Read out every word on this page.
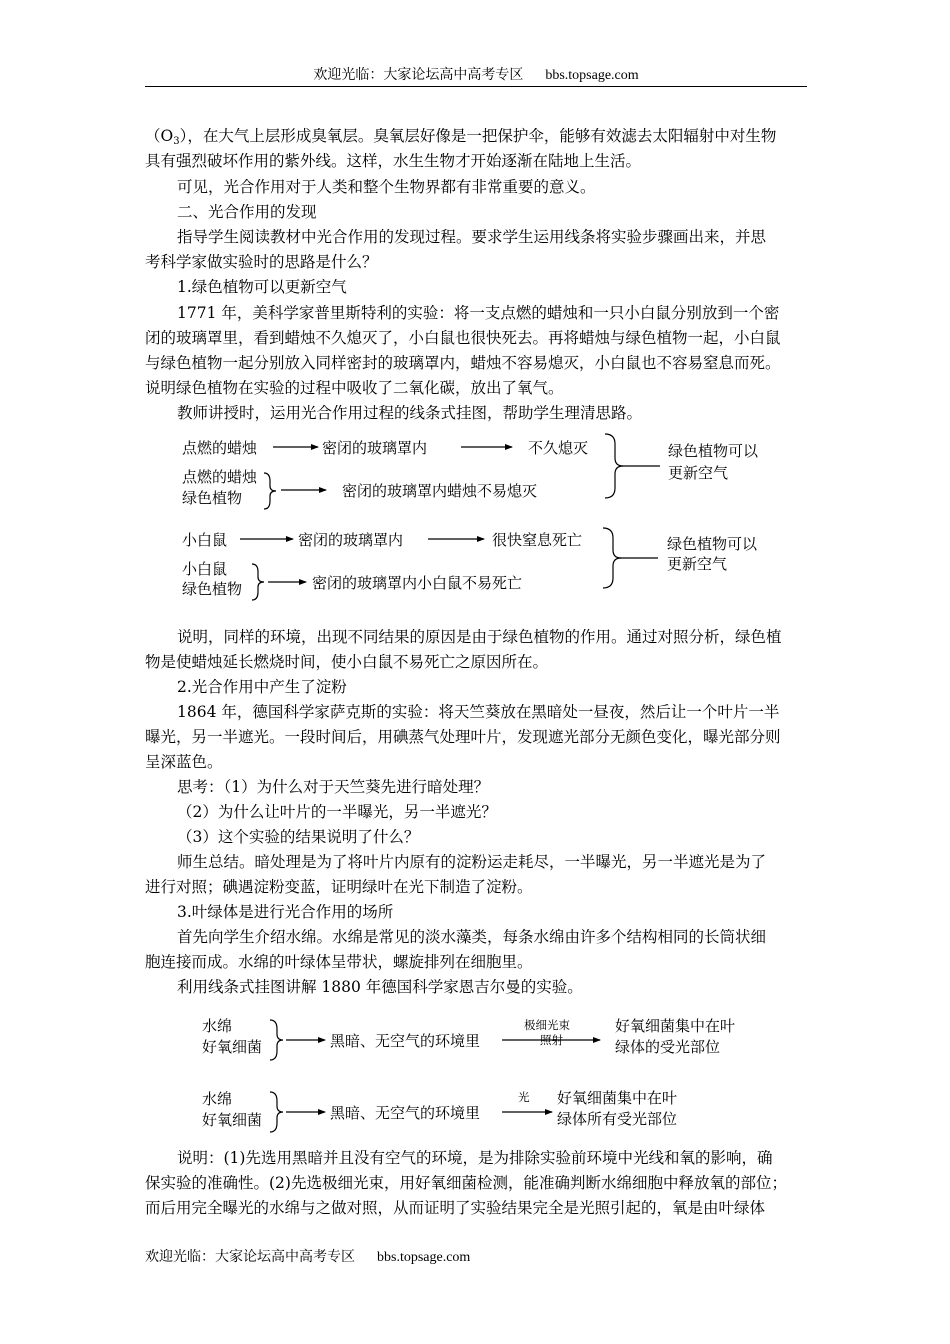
欢迎光临：大家论坛高中高考专区 bbs.topsage.com
（O3），在大气上层形成臭氧层。臭氧层好像是一把保护伞，能够有效滤去太阳辐射中对生物
具有强烈破坏作用的紫外线。这样，水生生物才开始逐渐在陆地上生活。
可见，光合作用对于人类和整个生物界都有非常重要的意义。
二、光合作用的发现
指导学生阅读教材中光合作用的发现过程。要求学生运用线条将实验步骤画出来，并思
考科学家做实验时的思路是什么？
1.绿色植物可以更新空气
1771 年，美科学家普里斯特利的实验：将一支点燃的蜡烛和一只小白鼠分别放到一个密
闭的玻璃罩里，看到蜡烛不久熄灭了，小白鼠也很快死去。再将蜡烛与绿色植物一起，小白鼠
与绿色植物一起分别放入同样密封的玻璃罩内，蜡烛不容易熄灭，小白鼠也不容易窒息而死。
说明绿色植物在实验的过程中吸收了二氧化碳，放出了氧气。
教师讲授时，运用光合作用过程的线条式挂图，帮助学生理清思路。
点燃的蜡烛	密闭的玻璃罩内	不久熄灭
点燃的蜡烛
绿色植物	密闭的玻璃罩内蜡烛不易熄灭
绿色植物可以
更新空气
小白鼠	密闭的玻璃罩内	很快窒息死亡
小白鼠
绿色植物	密闭的玻璃罩内小白鼠不易死亡
绿色植物可以
更新空气
水绵
好氧细菌	黑暗、无空气的环境里
极细光束
照射
好氧细菌集中在叶
绿体的受光部位
水绵
好氧细菌	黑暗、无空气的环境里
光 好氧细菌集中在叶
绿体所有受光部位
说明，同样的环境，出现不同结果的原因是由于绿色植物的作用。通过对照分析，绿色植
物是使蜡烛延长燃烧时间，使小白鼠不易死亡之原因所在。
2.光合作用中产生了淀粉
1864 年，德国科学家萨克斯的实验：将天竺葵放在黑暗处一昼夜，然后让一个叶片一半
曝光，另一半遮光。一段时间后，用碘蒸气处理叶片，发现遮光部分无颜色变化，曝光部分则
呈深蓝色。
思考：（1）为什么对于天竺葵先进行暗处理？
（2）为什么让叶片的一半曝光，另一半遮光？
（3）这个实验的结果说明了什么？
师生总结。暗处理是为了将叶片内原有的淀粉运走耗尽，一半曝光，另一半遮光是为了
进行对照；碘遇淀粉变蓝，证明绿叶在光下制造了淀粉。
3.叶绿体是进行光合作用的场所
首先向学生介绍水绵。水绵是常见的淡水藻类，每条水绵由许多个结构相同的长筒状细
胞连接而成。水绵的叶绿体呈带状，螺旋排列在细胞里。
利用线条式挂图讲解 1880 年德国科学家恩吉尔曼的实验。
说明：(1)先选用黑暗并且没有空气的环境，是为排除实验前环境中光线和氧的影响，确
保实验的准确性。(2)先选极细光束，用好氧细菌检测，能准确判断水绵细胞中释放氧的部位；
而后用完全曝光的水绵与之做对照，从而证明了实验结果完全是光照引起的，氧是由叶绿体
欢迎光临：大家论坛高中高考专区 bbs.topsage.com
